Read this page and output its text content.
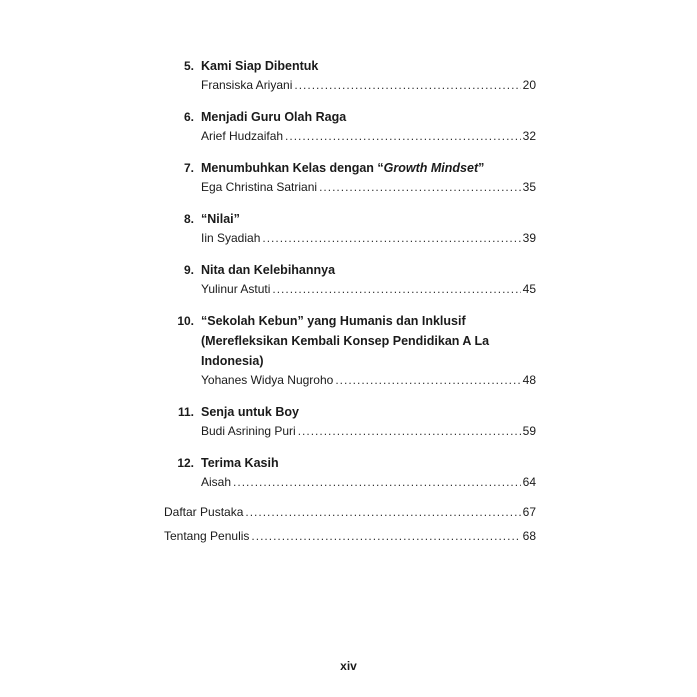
5. Kami Siap Dibentuk
Fransiska Ariyani .....	20
6. Menjadi Guru Olah Raga
Arief Hudzaifah .....	32
7. Menumbuhkan Kelas dengan “Growth Mindset”
Ega Christina Satriani .....	35
8. “Nilai”
Iin Syadiah .....	39
9. Nita dan Kelebihannya
Yulinur Astuti .....	45
10. “Sekolah Kebun” yang Humanis dan Inklusif (Merefleksikan Kembali Konsep Pendidikan A La Indonesia)
Yohanes Widya Nugroho .....	48
11. Senja untuk Boy
Budi Asrining Puri .....	59
12. Terima Kasih
Aisah .....	64
Daftar Pustaka .....	67
Tentang Penulis .....	68
xiv
